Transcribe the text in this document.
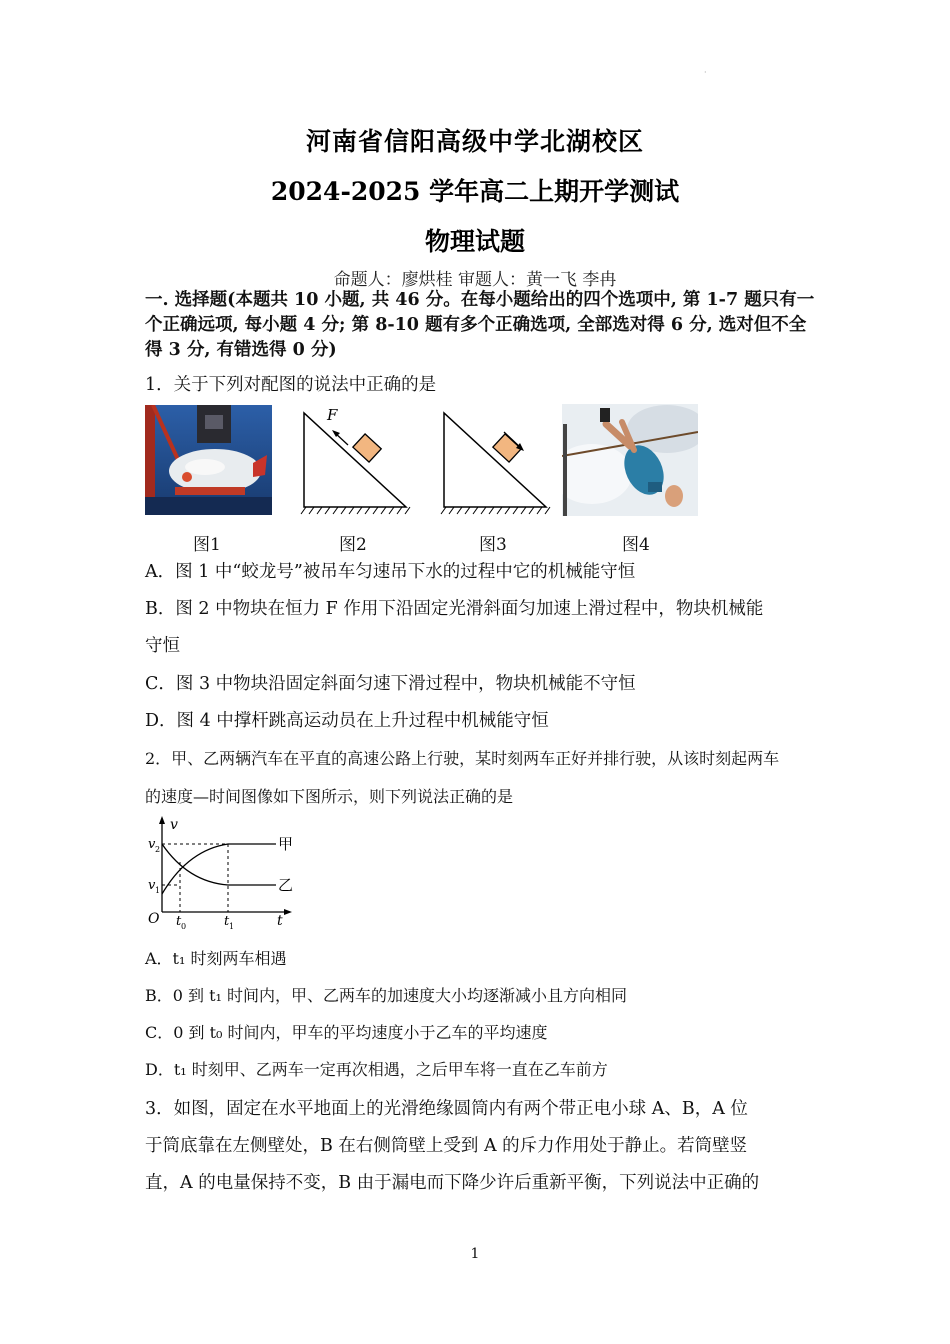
·
河南省信阳高级中学北湖校区
2024-2025 学年高二上期开学测试
物理试题
命题人：廖烘桂 审题人：黄一飞 李冉
一. 选择题(本题共 10 小题, 共 46 分。在每小题给出的四个选项中, 第 1-7 题只有一个正确远项, 每小题 4 分; 第 8-10 题有多个正确选项, 全部选对得 6 分, 选对但不全得 3 分, 有错选得 0 分)
1．关于下列对配图的说法中正确的是
图1
F
图2	图3	图4
A．图 1 中“蛟龙号”被吊车匀速吊下水的过程中它的机械能守恒
B．图 2 中物块在恒力 F 作用下沿固定光滑斜面匀加速上滑过程中，物块机械能
守恒
C．图 3 中物块沿固定斜面匀速下滑过程中，物块机械能不守恒
D．图 4 中撑杆跳高运动员在上升过程中机械能守恒
2．甲、乙两辆汽车在平直的高速公路上行驶，某时刻两车正好并排行驶，从该时刻起两车
的速度—时间图像如下图所示，则下列说法正确的是
v
v 2
v 1
O t 0	t 1	t
甲
乙
A．t₁ 时刻两车相遇
B．0 到 t₁ 时间内，甲、乙两车的加速度大小均逐渐减小且方向相同
C．0 到 t₀ 时间内，甲车的平均速度小于乙车的平均速度
D．t₁ 时刻甲、乙两车一定再次相遇，之后甲车将一直在乙车前方
3．如图，固定在水平地面上的光滑绝缘圆筒内有两个带正电小球 A、B，A 位
于筒底靠在左侧壁处，B 在右侧筒壁上受到 A 的斥力作用处于静止。若筒壁竖
直，A 的电量保持不变，B 由于漏电而下降少许后重新平衡，下列说法中正确的
1
